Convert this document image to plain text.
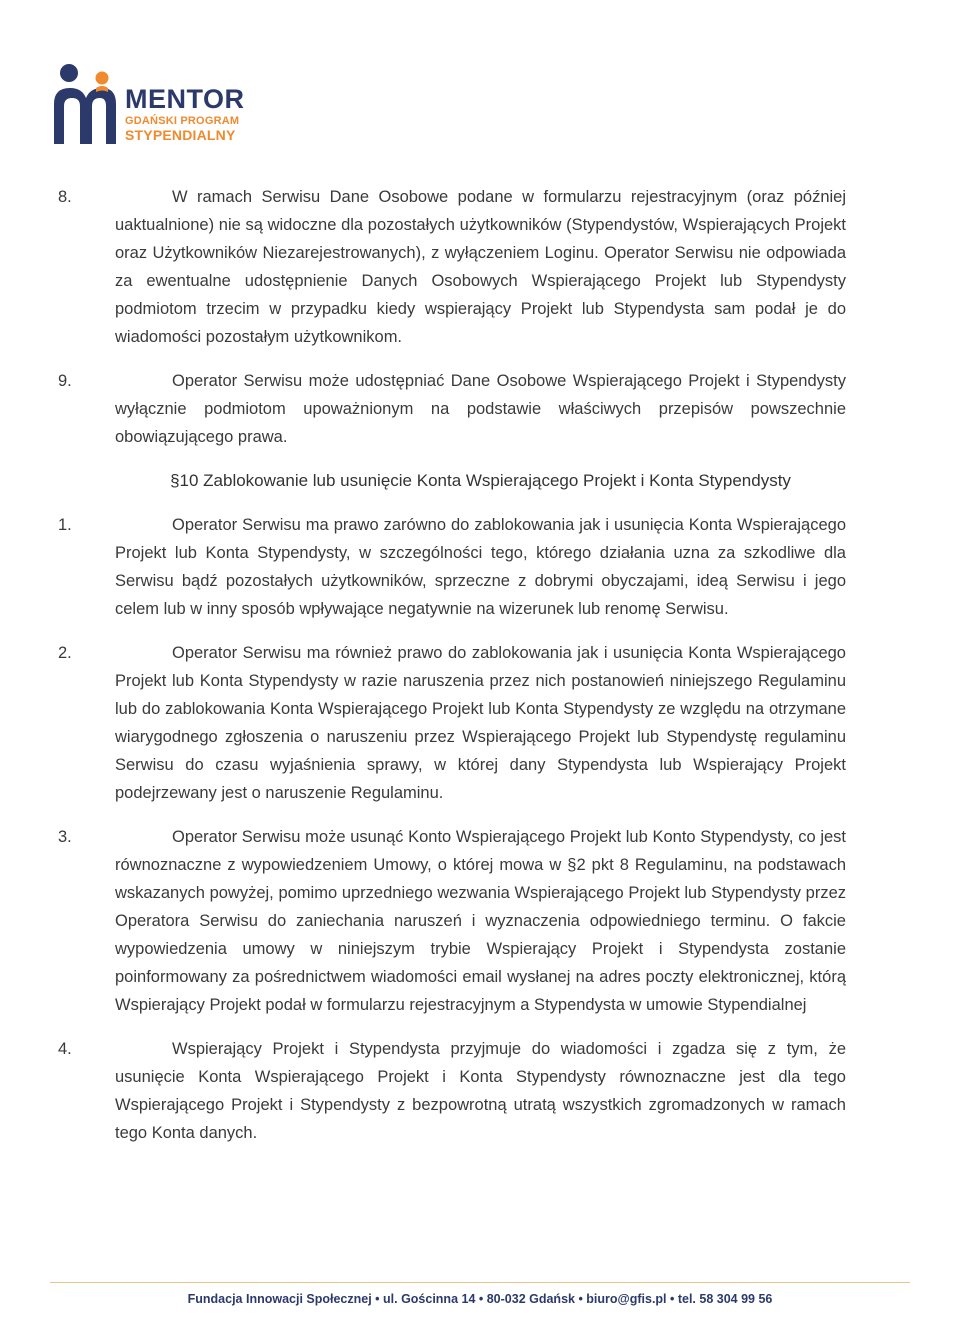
MENTOR
GDAŃSKI PROGRAM
STYPENDIALNY

8.	W ramach Serwisu Dane Osobowe podane w formularzu rejestracyjnym (oraz później uaktualnione) nie są widoczne dla pozostałych użytkowników (Stypendystów, Wspierających Projekt oraz Użytkowników Niezarejestrowanych), z wyłączeniem Loginu. Operator Serwisu nie odpowiada za ewentualne udostępnienie Danych Osobowych Wspierającego Projekt lub Stypendysty podmiotom trzecim w przypadku kiedy wspierający Projekt lub Stypendysta sam podał je do wiadomości pozostałym użytkownikom.

9.	Operator Serwisu może udostępniać Dane Osobowe Wspierającego Projekt i Stypendysty wyłącznie podmiotom upoważnionym na podstawie właściwych przepisów powszechnie obowiązującego prawa.

§10 Zablokowanie lub usunięcie Konta Wspierającego Projekt i Konta Stypendysty

1.	Operator Serwisu ma prawo zarówno do zablokowania jak i usunięcia Konta Wspierającego Projekt lub Konta Stypendysty, w szczególności tego, którego działania uzna za szkodliwe dla Serwisu bądź pozostałych użytkowników, sprzeczne z dobrymi obyczajami, ideą Serwisu i jego celem lub w inny sposób wpływające negatywnie na wizerunek lub renomę Serwisu.

2.	Operator Serwisu ma również prawo do zablokowania jak i usunięcia Konta Wspierającego Projekt lub Konta Stypendysty w razie naruszenia przez nich postanowień niniejszego Regulaminu lub do zablokowania Konta Wspierającego Projekt lub Konta Stypendysty ze względu na otrzymane wiarygodnego zgłoszenia o naruszeniu przez Wspierającego Projekt lub Stypendystę regulaminu Serwisu do czasu wyjaśnienia sprawy, w której dany Stypendysta lub Wspierający Projekt podejrzewany jest o naruszenie Regulaminu.

3.	Operator Serwisu może usunąć Konto Wspierającego Projekt lub Konto Stypendysty, co jest równoznaczne z wypowiedzeniem Umowy, o której mowa w §2 pkt 8 Regulaminu, na podstawach wskazanych powyżej, pomimo uprzedniego wezwania Wspierającego Projekt lub Stypendysty przez Operatora Serwisu do zaniechania naruszeń i wyznaczenia odpowiedniego terminu. O fakcie wypowiedzenia umowy w niniejszym trybie Wspierający Projekt i Stypendysta zostanie poinformowany za pośrednictwem wiadomości email wysłanej na adres poczty elektronicznej, którą Wspierający Projekt podał w formularzu rejestracyjnym a Stypendysta w umowie Stypendialnej

4.	Wspierający Projekt i Stypendysta przyjmuje do wiadomości i zgadza się z tym, że usunięcie Konta Wspierającego Projekt i Konta Stypendysty równoznaczne jest dla tego Wspierającego Projekt i Stypendysty z bezpowrotną utratą wszystkich zgromadzonych w ramach tego Konta danych.

Fundacja Innowacji Społecznej • ul. Gościnna 14 • 80-032 Gdańsk • biuro@gfis.pl • tel. 58 304 99 56
